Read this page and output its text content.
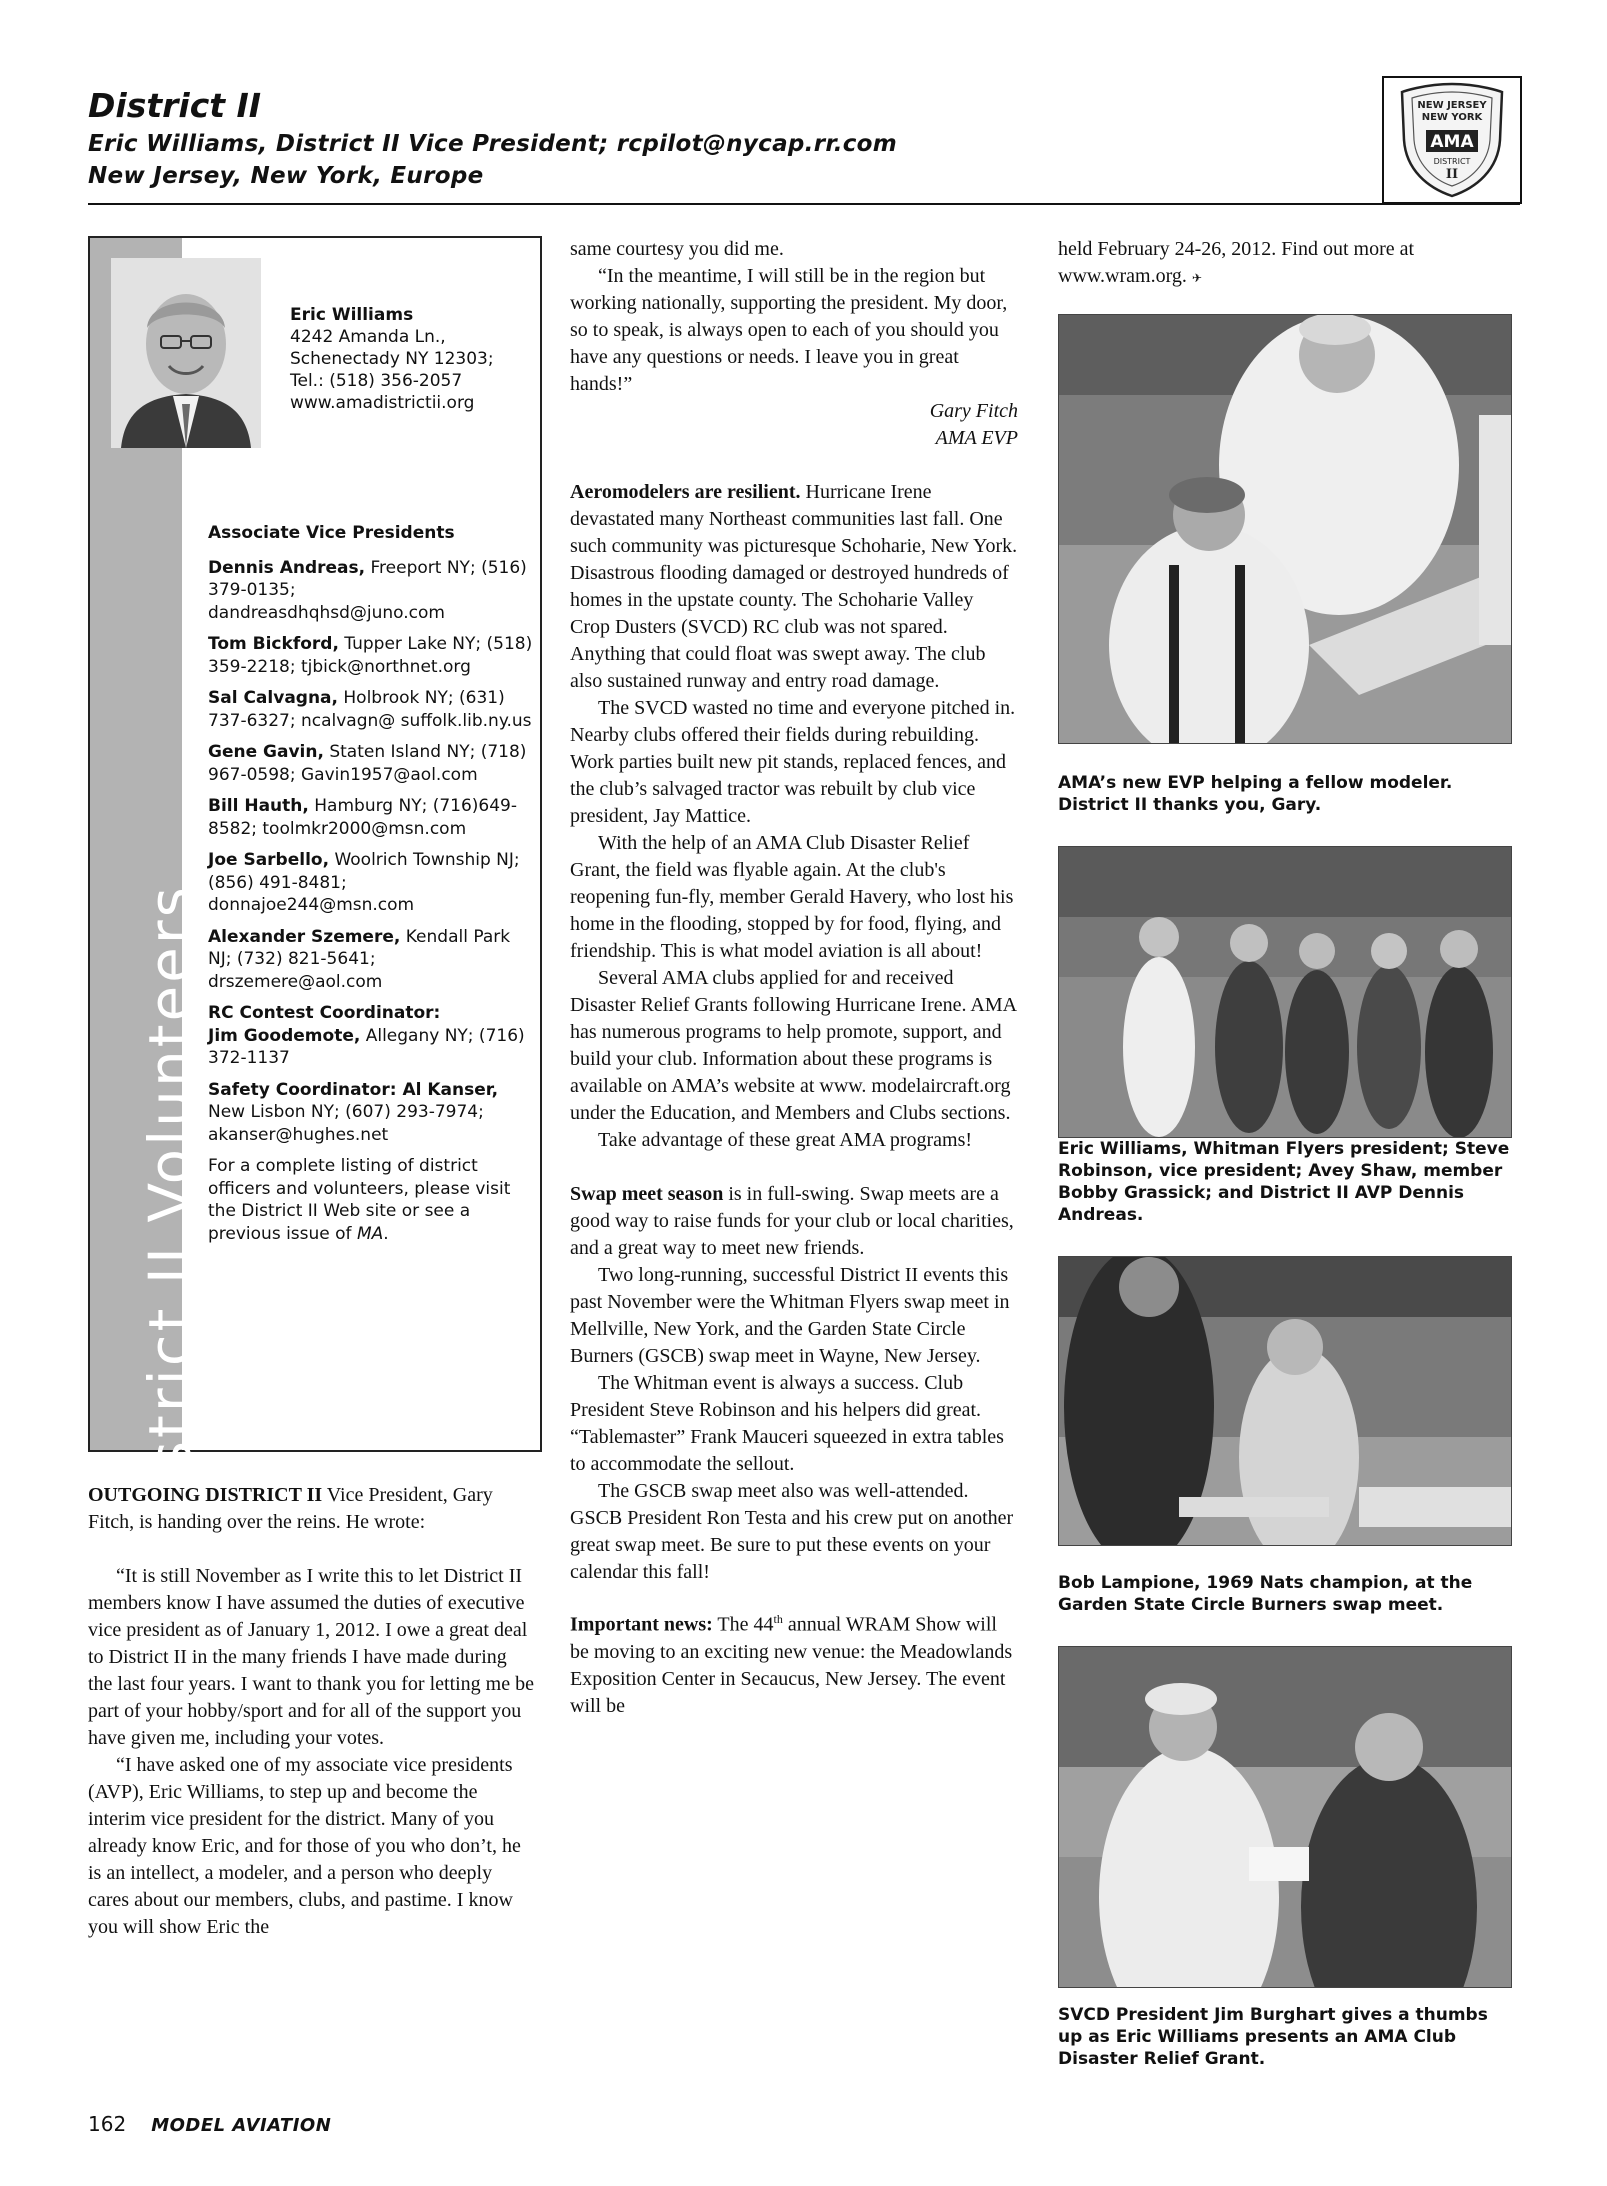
District II
Eric Williams, District II Vice President; rcpilot@nycap.rr.com
New Jersey, New York, Europe
NEW JERSEY
NEW YORK
AMA
DISTRICT
II
District II Volunteers
Eric Williams
4242 Amanda Ln.,
Schenectady NY 12303;
Tel.: (518) 356-2057
www.amadistrictii.org
Associate Vice Presidents
Dennis Andreas, Freeport NY; (516) 379-0135; dandreasdhqhsd@juno.com
Tom Bickford, Tupper Lake NY; (518) 359-2218; tjbick@northnet.org
Sal Calvagna, Holbrook NY; (631) 737-6327; ncalvagn@ suffolk.lib.ny.us
Gene Gavin, Staten Island NY; (718) 967-0598; Gavin1957@aol.com
Bill Hauth, Hamburg NY; (716)649-8582; toolmkr2000@msn.com
Joe Sarbello, Woolrich Township NJ; (856) 491-8481; donnajoe244@msn.com
Alexander Szemere, Kendall Park NJ; (732) 821-5641; drszemere@aol.com
RC Contest Coordinator:
Jim Goodemote, Allegany NY; (716) 372-1137
Safety Coordinator: Al Kanser, New Lisbon NY; (607) 293-7974; akanser@hughes.net
For a complete listing of district officers and volunteers, please visit the District II Web site or see a previous issue of MA.

OUTGOING DISTRICT II Vice President, Gary Fitch, is handing over the reins. He wrote:

“It is still November as I write this to let District II members know I have assumed the duties of executive vice president as of January 1, 2012. I owe a great deal to District II in the many friends I have made during the last four years. I want to thank you for letting me be part of your hobby/sport and for all of the support you have given me, including your votes.

“I have asked one of my associate vice presidents (AVP), Eric Williams, to step up and become the interim vice president for the district. Many of you already know Eric, and for those of you who don’t, he is an intellect, a modeler, and a person who deeply cares about our members, clubs, and pastime. I know you will show Eric the

same courtesy you did me.

“In the meantime, I will still be in the region but working nationally, supporting the president. My door, so to speak, is always open to each of you should you have any questions or needs. I leave you in great hands!”

Gary Fitch

AMA EVP

Aeromodelers are resilient. Hurricane Irene devastated many Northeast communities last fall. One such community was picturesque Schoharie, New York. Disastrous flooding damaged or destroyed hundreds of homes in the upstate county. The Schoharie Valley Crop Dusters (SVCD) RC club was not spared. Anything that could float was swept away. The club also sustained runway and entry road damage.

The SVCD wasted no time and everyone pitched in. Nearby clubs offered their fields during rebuilding. Work parties built new pit stands, replaced fences, and the club’s salvaged tractor was rebuilt by club vice president, Jay Mattice.

With the help of an AMA Club Disaster Relief Grant, the field was flyable again. At the club's reopening fun-fly, member Gerald Havery, who lost his home in the flooding, stopped by for food, flying, and friendship. This is what model aviation is all about!

Several AMA clubs applied for and received Disaster Relief Grants following Hurricane Irene. AMA has numerous programs to help promote, support, and build your club. Information about these programs is available on AMA’s website at www. modelaircraft.org under the Education, and Members and Clubs sections.

Take advantage of these great AMA programs!

Swap meet season is in full-swing. Swap meets are a good way to raise funds for your club or local charities, and a great way to meet new friends.

Two long-running, successful District II events this past November were the Whitman Flyers swap meet in Mellville, New York, and the Garden State Circle Burners (GSCB) swap meet in Wayne, New Jersey.

The Whitman event is always a success. Club President Steve Robinson and his helpers did great. “Tablemaster” Frank Mauceri squeezed in extra tables to accommodate the sellout.

The GSCB swap meet also was well-attended. GSCB President Ron Testa and his crew put on another great swap meet. Be sure to put these events on your calendar this fall!

Important news: The 44th annual WRAM Show will be moving to an exciting new venue: the Meadowlands Exposition Center in Secaucus, New Jersey. The event will be

held February 24-26, 2012. Find out more at www.wram.org. ✈

AMA’s new EVP helping a fellow modeler. District II thanks you, Gary.
Eric Williams, Whitman Flyers president; Steve Robinson, vice president; Avey Shaw, member Bobby Grassick; and District II AVP Dennis Andreas.
Bob Lampione, 1969 Nats champion, at the Garden State Circle Burners swap meet.
SVCD President Jim Burghart gives a thumbs up as Eric Williams presents an AMA Club Disaster Relief Grant.
162 MODEL AVIATION
